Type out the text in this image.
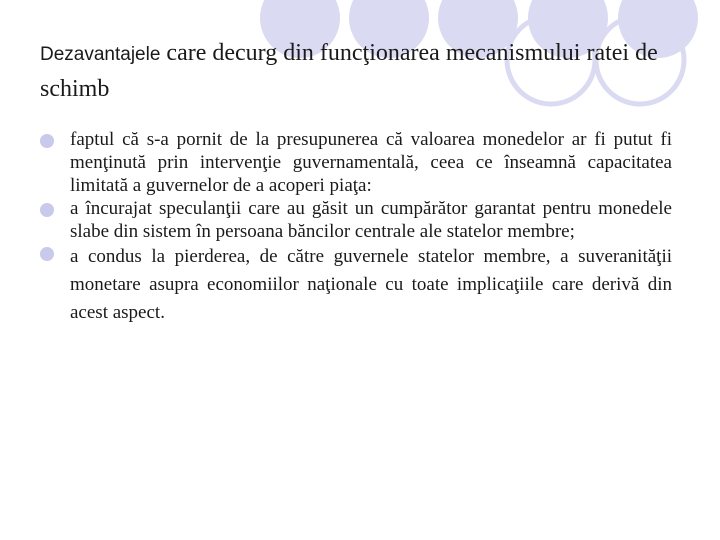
Dezavantajele care decurg din funcţionarea mecanismului ratei de schimb
faptul că s-a pornit de la presupunerea că valoarea monedelor ar fi putut fi menţinută prin intervenţie guvernamentală, ceea ce înseamnă capacitatea limitată a guvernelor de a acoperi piaţa:
a încurajat speculanţii care au găsit un cumpărător garantat pentru monedele slabe din sistem în persoana băncilor centrale ale statelor membre;
a condus la pierderea, de către guvernele statelor membre, a suveranităţii monetare asupra economiilor naţionale cu toate implicaţiile care derivă din acest aspect.
